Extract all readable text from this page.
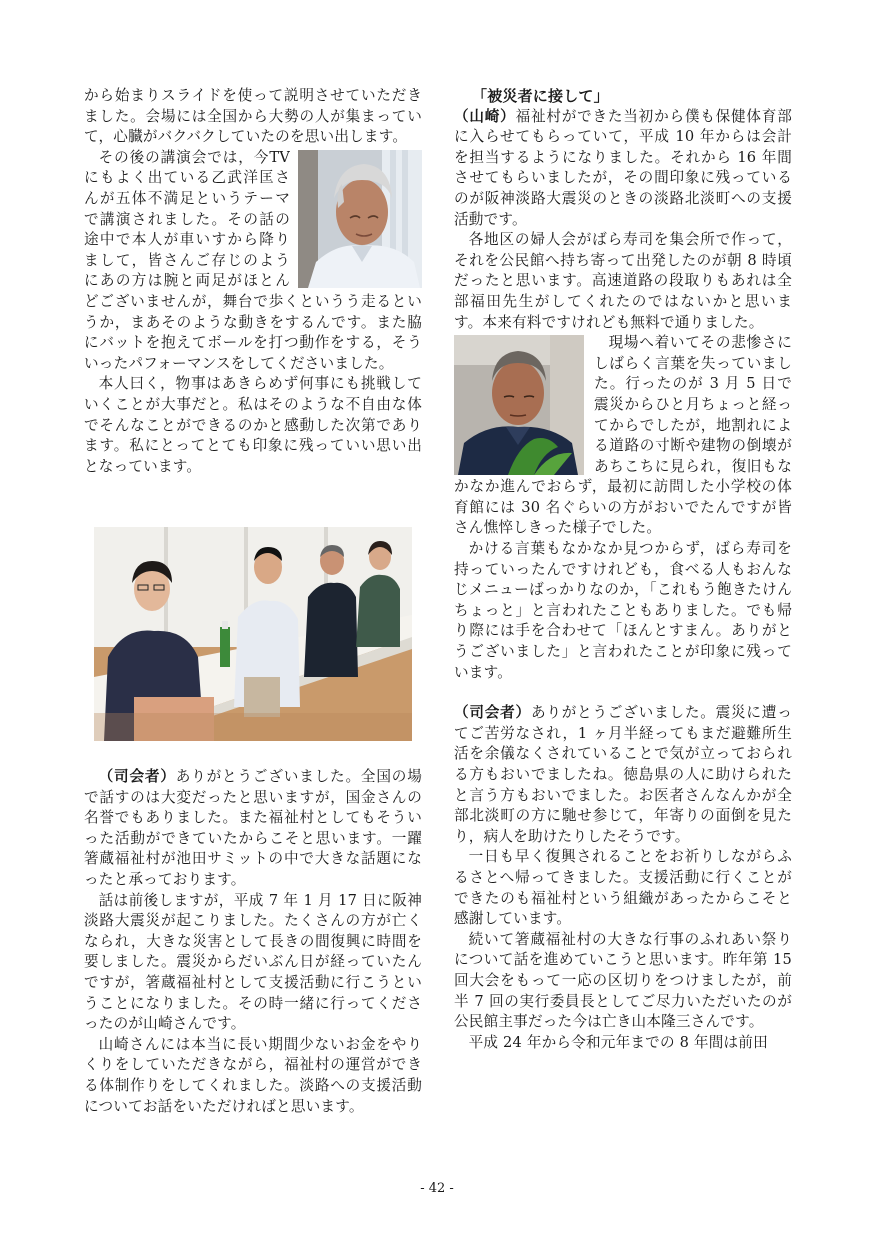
から始まりスライドを使って説明させていただきました。会場には全国から大勢の人が集まっていて，心臓がバクバクしていたのを思い出します。

その後の講演会では，今TV にもよく出ている乙武洋匡さんが五体不満足というテーマで講演されました。その話の途中で本人が車いすから降りまして，皆さんご存じのようにあの方は腕と両足がほとんどございませんが，舞台で歩くというう走るというか，まあそのような動きをするんです。また脇にバットを抱えてボールを打つ動作をする，そういったパフォーマンスをしてくださいました。

本人曰く，物事はあきらめず何事にも挑戦していくことが大事だと。私はそのような不自由な体でそんなことができるのかと感動した次第であります。私にとってとても印象に残っていい思い出となっています。

（司会者）ありがとうございました。全国の場で話すのは大変だったと思いますが，国金さんの名誉でもありました。また福祉村としてもそういった活動ができていたからこそと思います。一躍箸蔵福祉村が池田サミットの中で大きな話題になったと承っております。

話は前後しますが，平成 7 年 1 月 17 日に阪神淡路大震災が起こりました。たくさんの方が亡くなられ，大きな災害として長きの間復興に時間を要しました。震災からだいぶん日が経っていたんですが，箸蔵福祉村として支援活動に行こうということになりました。その時一緒に行ってくださったのが山崎さんです。

山崎さんには本当に長い期間少ないお金をやりくりをしていただきながら，福祉村の運営ができる体制作りをしてくれました。淡路への支援活動についてお話をいただければと思います。

「被災者に接して」

（山崎）福祉村ができた当初から僕も保健体育部に入らせてもらっていて，平成 10 年からは会計を担当するようになりました。それから 16 年間させてもらいましたが，その間印象に残っているのが阪神淡路大震災のときの淡路北淡町への支援活動です。

各地区の婦人会がばら寿司を集会所で作って，それを公民館へ持ち寄って出発したのが朝 8 時頃だったと思います。高速道路の段取りもあれは全部福田先生がしてくれたのではないかと思います。本来有料ですけれども無料で通りました。

現場へ着いてその悲惨さにしばらく言葉を失っていました。行ったのが 3 月 5 日で震災からひと月ちょっと経ってからでしたが，地割れによる道路の寸断や建物の倒壊があちこちに見られ，復旧もなかなか進んでおらず，最初に訪問した小学校の体育館には 30 名ぐらいの方がおいでたんですが皆さん憔悴しきった様子でした。

かける言葉もなかなか見つからず，ばら寿司を持っていったんですけれども，食べる人もおんなじメニューばっかりなのか，「これもう飽きたけんちょっと」と言われたこともありました。でも帰り際には手を合わせて「ほんとすまん。ありがとうございました」と言われたことが印象に残っています。

（司会者）ありがとうございました。震災に遭ってご苦労なされ，1 ヶ月半経ってもまだ避難所生活を余儀なくされていることで気が立っておられる方もおいでましたね。徳島県の人に助けられたと言う方もおいでました。お医者さんなんかが全部北淡町の方に馳せ参じて，年寄りの面倒を見たり，病人を助けたりしたそうです。

一日も早く復興されることをお祈りしながらふるさとへ帰ってきました。支援活動に行くことができたのも福祉村という組織があったからこそと感謝しています。

続いて箸蔵福祉村の大きな行事のふれあい祭りについて話を進めていこうと思います。昨年第 15 回大会をもって一応の区切りをつけましたが，前半 7 回の実行委員長としてご尽力いただいたのが公民館主事だった今は亡き山本隆三さんです。

平成 24 年から令和元年までの 8 年間は前田

- 42 -
